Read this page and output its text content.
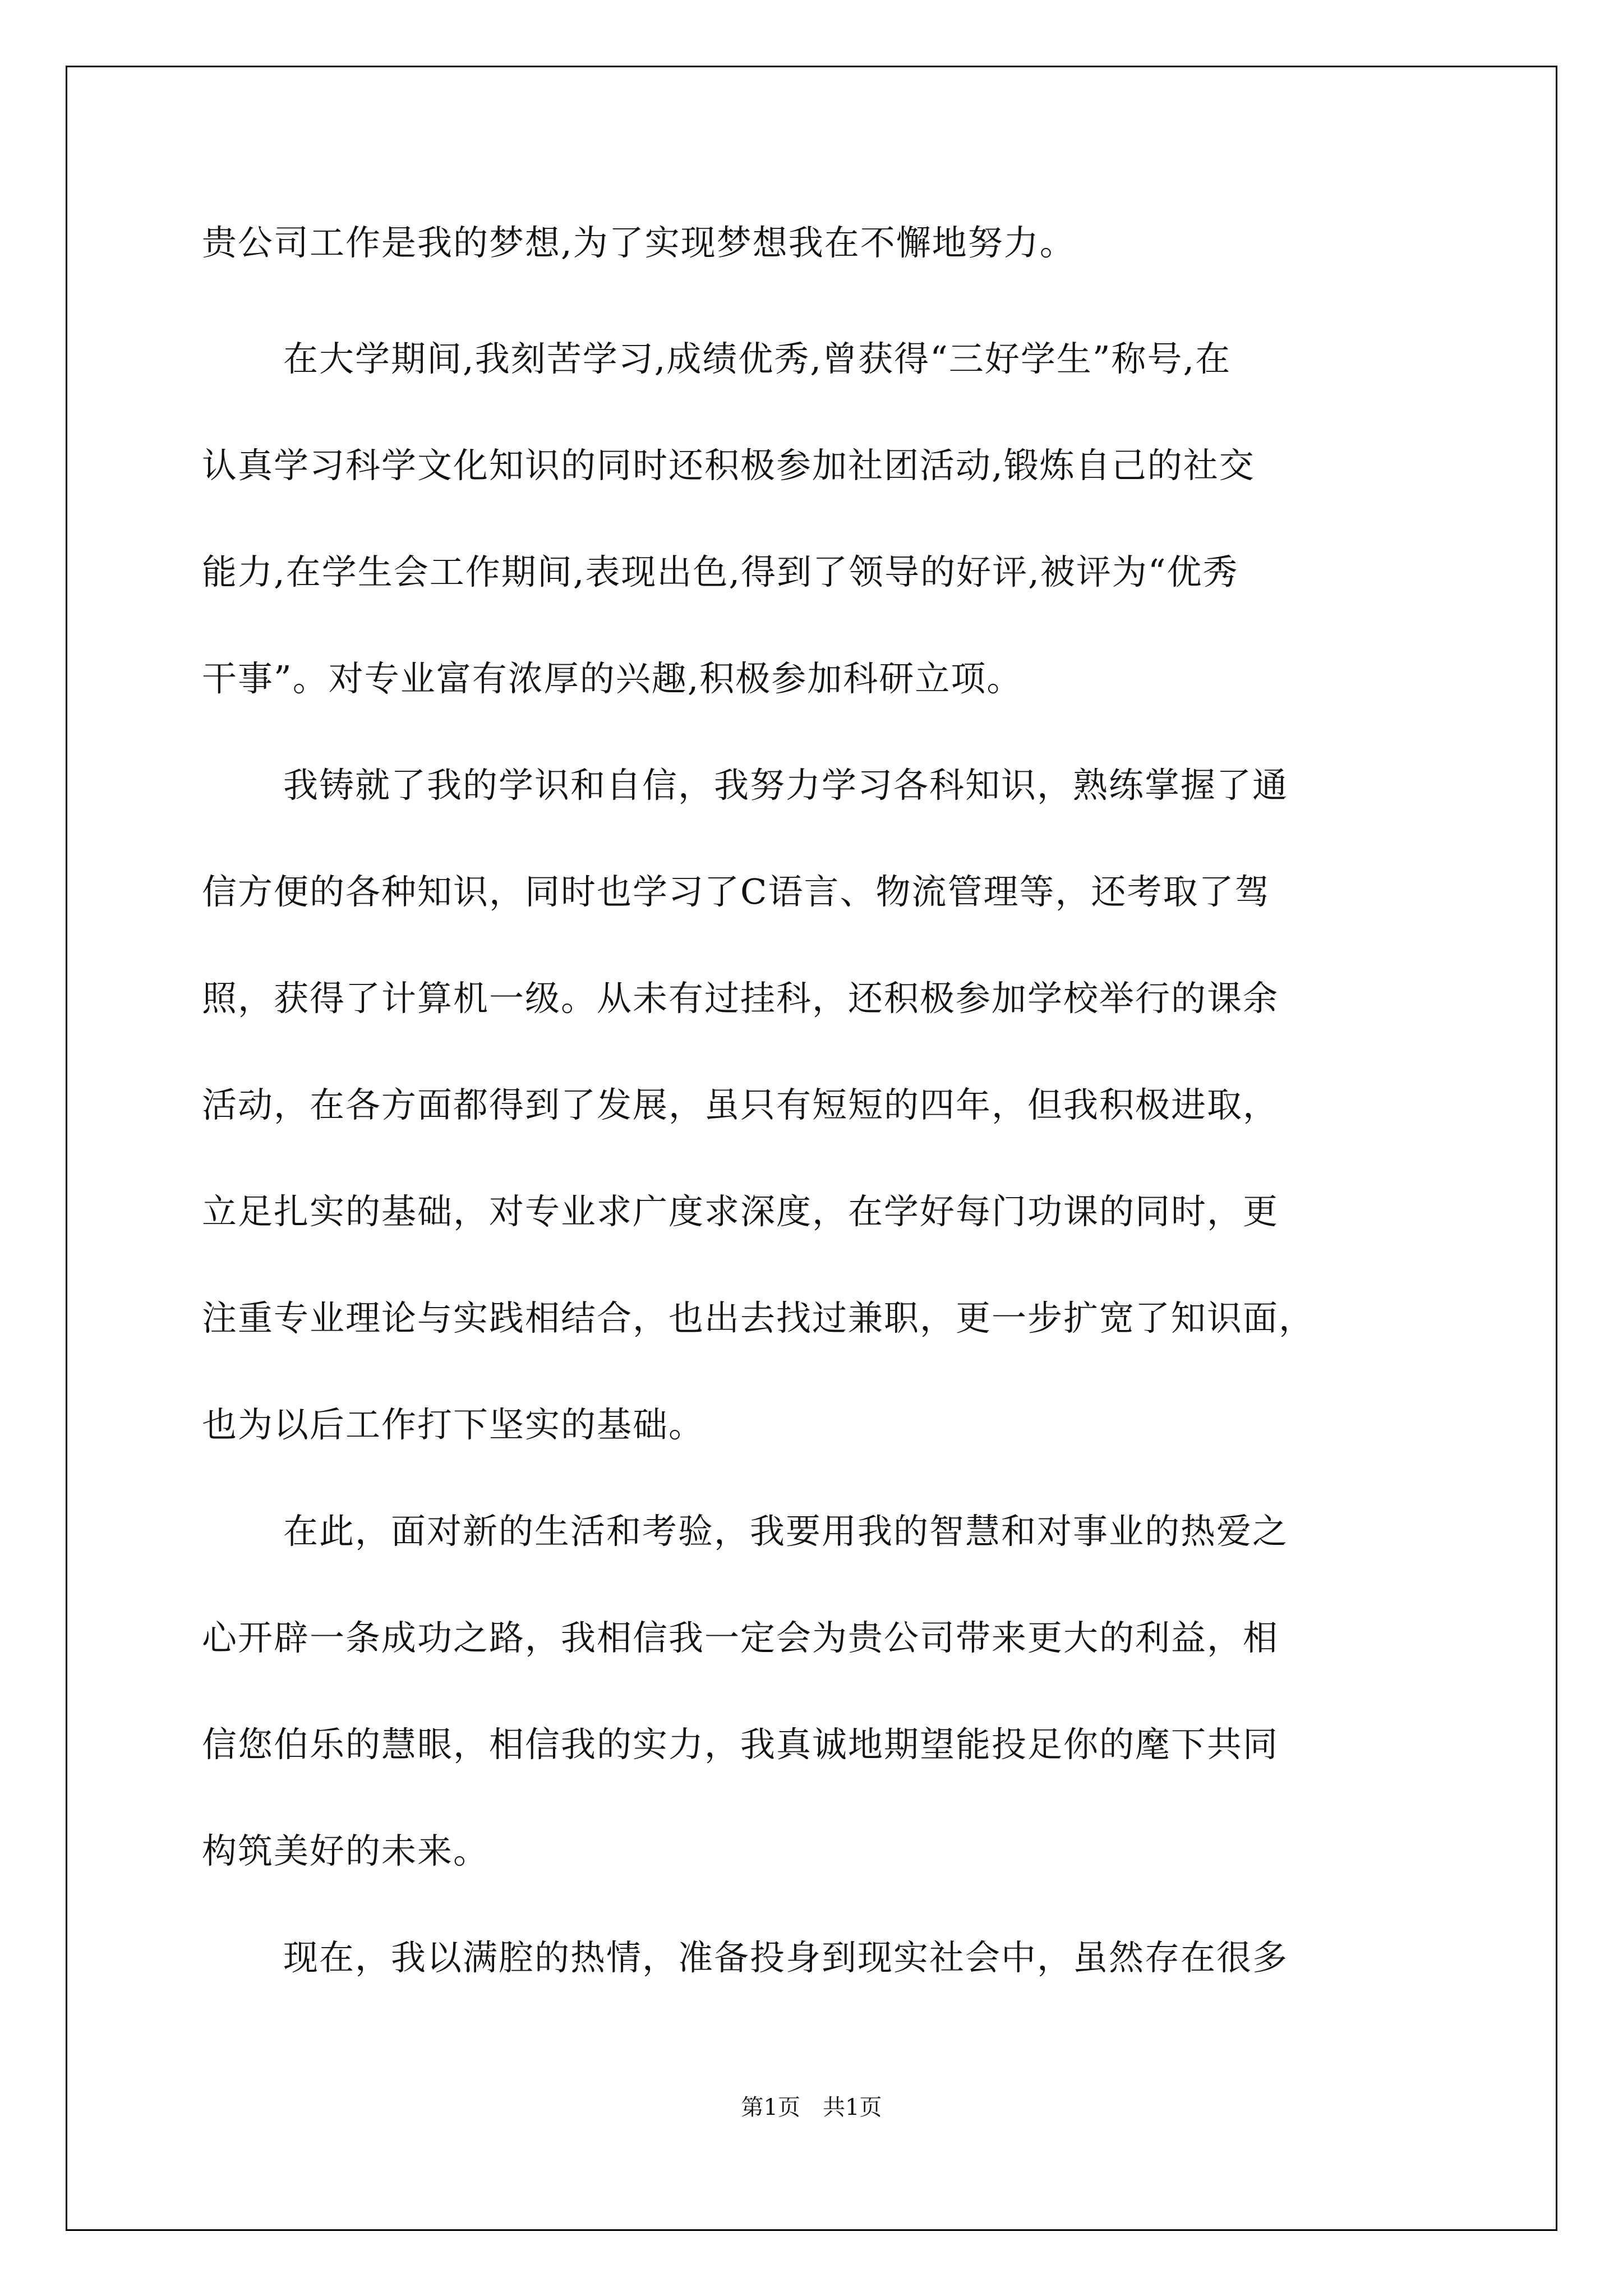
贵公司工作是我的梦想,为了实现梦想我在不懈地努力。
在大学期间,我刻苦学习,成绩优秀,曾获得“三好学生”称号,在
认真学习科学文化知识的同时还积极参加社团活动,锻炼自己的社交
能力,在学生会工作期间,表现出色,得到了领导的好评,被评为“优秀
干事”。对专业富有浓厚的兴趣,积极参加科研立项。
我铸就了我的学识和自信，我努力学习各科知识，熟练掌握了通
信方便的各种知识，同时也学习了C语言、物流管理等，还考取了驾
照，获得了计算机一级。从未有过挂科，还积极参加学校举行的课余
活动，在各方面都得到了发展，虽只有短短的四年，但我积极进取，
立足扎实的基础，对专业求广度求深度，在学好每门功课的同时，更
注重专业理论与实践相结合，也出去找过兼职，更一步扩宽了知识面，
也为以后工作打下坚实的基础。
在此，面对新的生活和考验，我要用我的智慧和对事业的热爱之
心开辟一条成功之路，我相信我一定会为贵公司带来更大的利益，相
信您伯乐的慧眼，相信我的实力，我真诚地期望能投足你的麾下共同
构筑美好的未来。
现在，我以满腔的热情，准备投身到现实社会中，虽然存在很多
第1页　共1页
